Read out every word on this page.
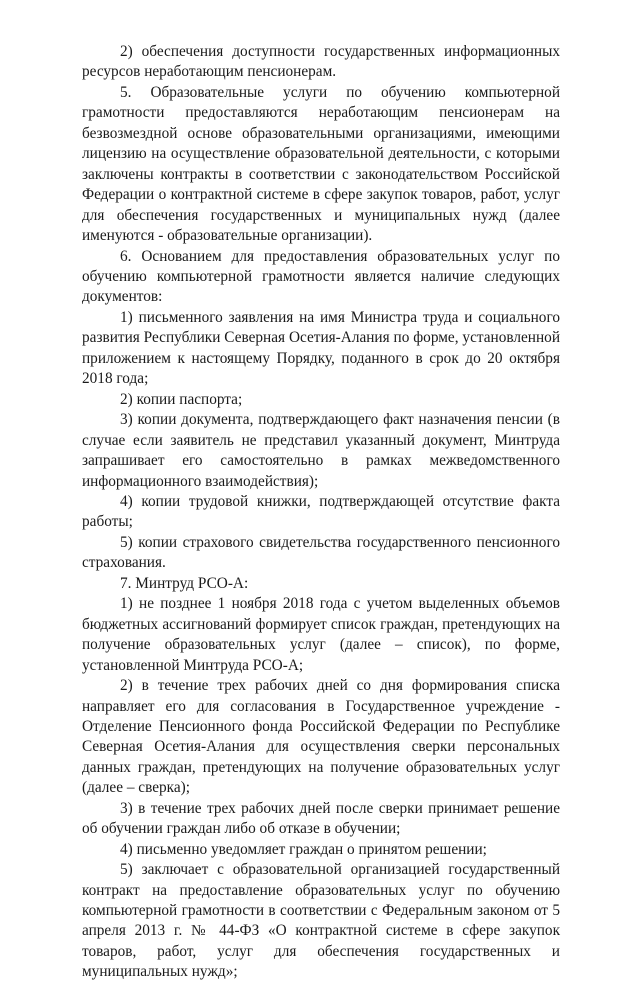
2) обеспечения доступности государственных информационных ресурсов неработающим пенсионерам.

5. Образовательные услуги по обучению компьютерной грамотности предоставляются неработающим пенсионерам на безвозмездной основе образовательными организациями, имеющими лицензию на осуществление образовательной деятельности, с которыми заключены контракты в соответствии с законодательством Российской Федерации о контрактной системе в сфере закупок товаров, работ, услуг для обеспечения государственных и муниципальных нужд (далее именуются - образовательные организации).

6. Основанием для предоставления образовательных услуг по обучению компьютерной грамотности является наличие следующих документов:

1) письменного заявления на имя Министра труда и социального развития Республики Северная Осетия-Алания по форме, установленной приложением к настоящему Порядку, поданного в срок до 20 октября 2018 года;

2) копии паспорта;

3) копии документа, подтверждающего факт назначения пенсии (в случае если заявитель не представил указанный документ, Минтруда запрашивает его самостоятельно в рамках межведомственного информационного взаимодействия);

4) копии трудовой книжки, подтверждающей отсутствие факта работы;

5) копии страхового свидетельства государственного пенсионного страхования.

7. Минтруд РСО-А:

1) не позднее 1 ноября 2018 года с учетом выделенных объемов бюджетных ассигнований формирует список граждан, претендующих на получение образовательных услуг (далее – список), по форме, установленной Минтруда РСО-А;

2) в течение трех рабочих дней со дня формирования списка направляет его для согласования в Государственное учреждение - Отделение Пенсионного фонда Российской Федерации по Республике Северная Осетия-Алания для осуществления сверки персональных данных граждан, претендующих на получение образовательных услуг (далее – сверка);

3) в течение трех рабочих дней после сверки принимает решение об обучении граждан либо об отказе в обучении;

4) письменно уведомляет граждан о принятом решении;

5) заключает с образовательной организацией государственный контракт на предоставление образовательных услуг по обучению компьютерной грамотности в соответствии с Федеральным законом от 5 апреля 2013 г. № 44-ФЗ «О контрактной системе в сфере закупок товаров, работ, услуг для обеспечения государственных и муниципальных нужд»;
